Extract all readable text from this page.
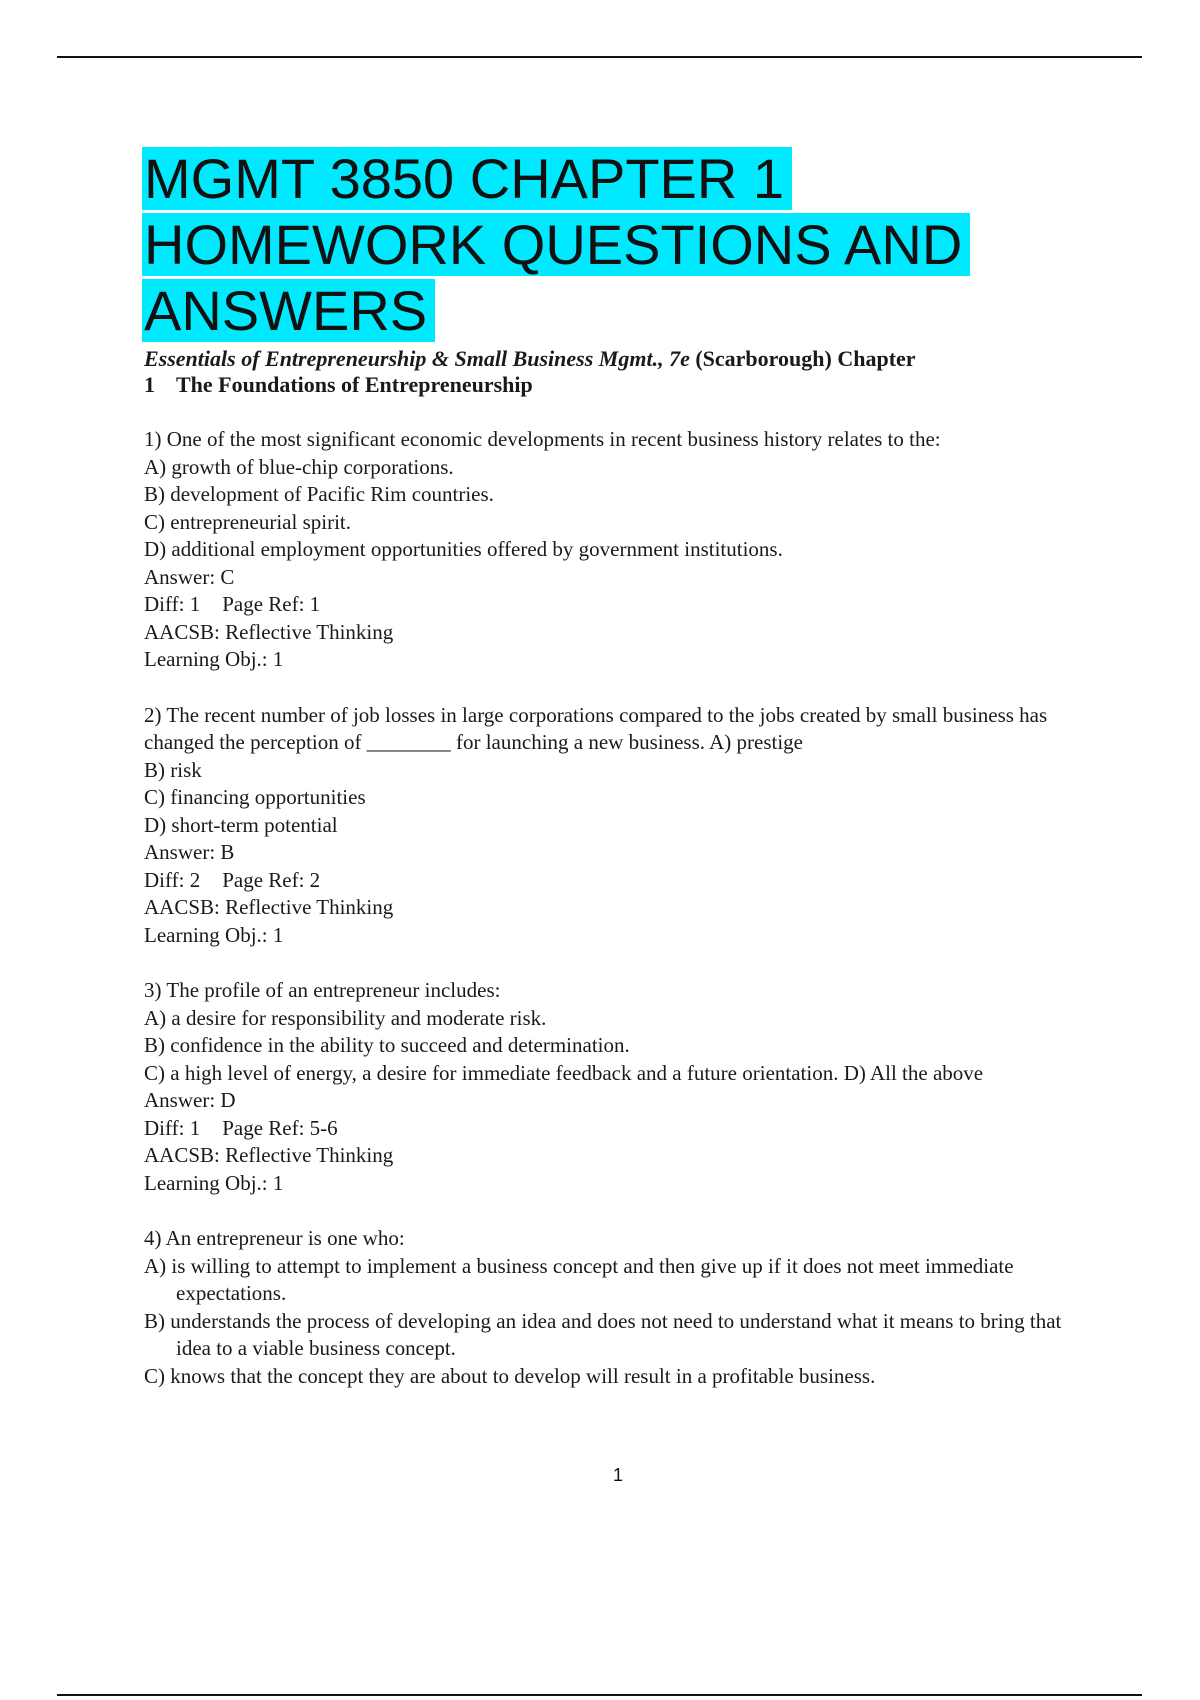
MGMT 3850 CHAPTER 1
HOMEWORK QUESTIONS AND
ANSWERS
Essentials of Entrepreneurship & Small Business Mgmt., 7e (Scarborough) Chapter
1 The Foundations of Entrepreneurship
1) One of the most significant economic developments in recent business history relates to the:
A) growth of blue-chip corporations.
B) development of Pacific Rim countries.
C) entrepreneurial spirit.
D) additional employment opportunities offered by government institutions.
Answer: C
Diff: 1 Page Ref: 1
AACSB: Reflective Thinking
Learning Obj.: 1
2) The recent number of job losses in large corporations compared to the jobs created by small business has changed the perception of ________ for launching a new business. A) prestige
B) risk
C) financing opportunities
D) short-term potential
Answer: B
Diff: 2 Page Ref: 2
AACSB: Reflective Thinking
Learning Obj.: 1
3) The profile of an entrepreneur includes:
A) a desire for responsibility and moderate risk.
B) confidence in the ability to succeed and determination.
C) a high level of energy, a desire for immediate feedback and a future orientation. D) All the above
Answer: D
Diff: 1 Page Ref: 5-6
AACSB: Reflective Thinking
Learning Obj.: 1
4) An entrepreneur is one who:
A) is willing to attempt to implement a business concept and then give up if it does not meet immediate expectations.
B) understands the process of developing an idea and does not need to understand what it means to bring that idea to a viable business concept.
C) knows that the concept they are about to develop will result in a profitable business.
1
